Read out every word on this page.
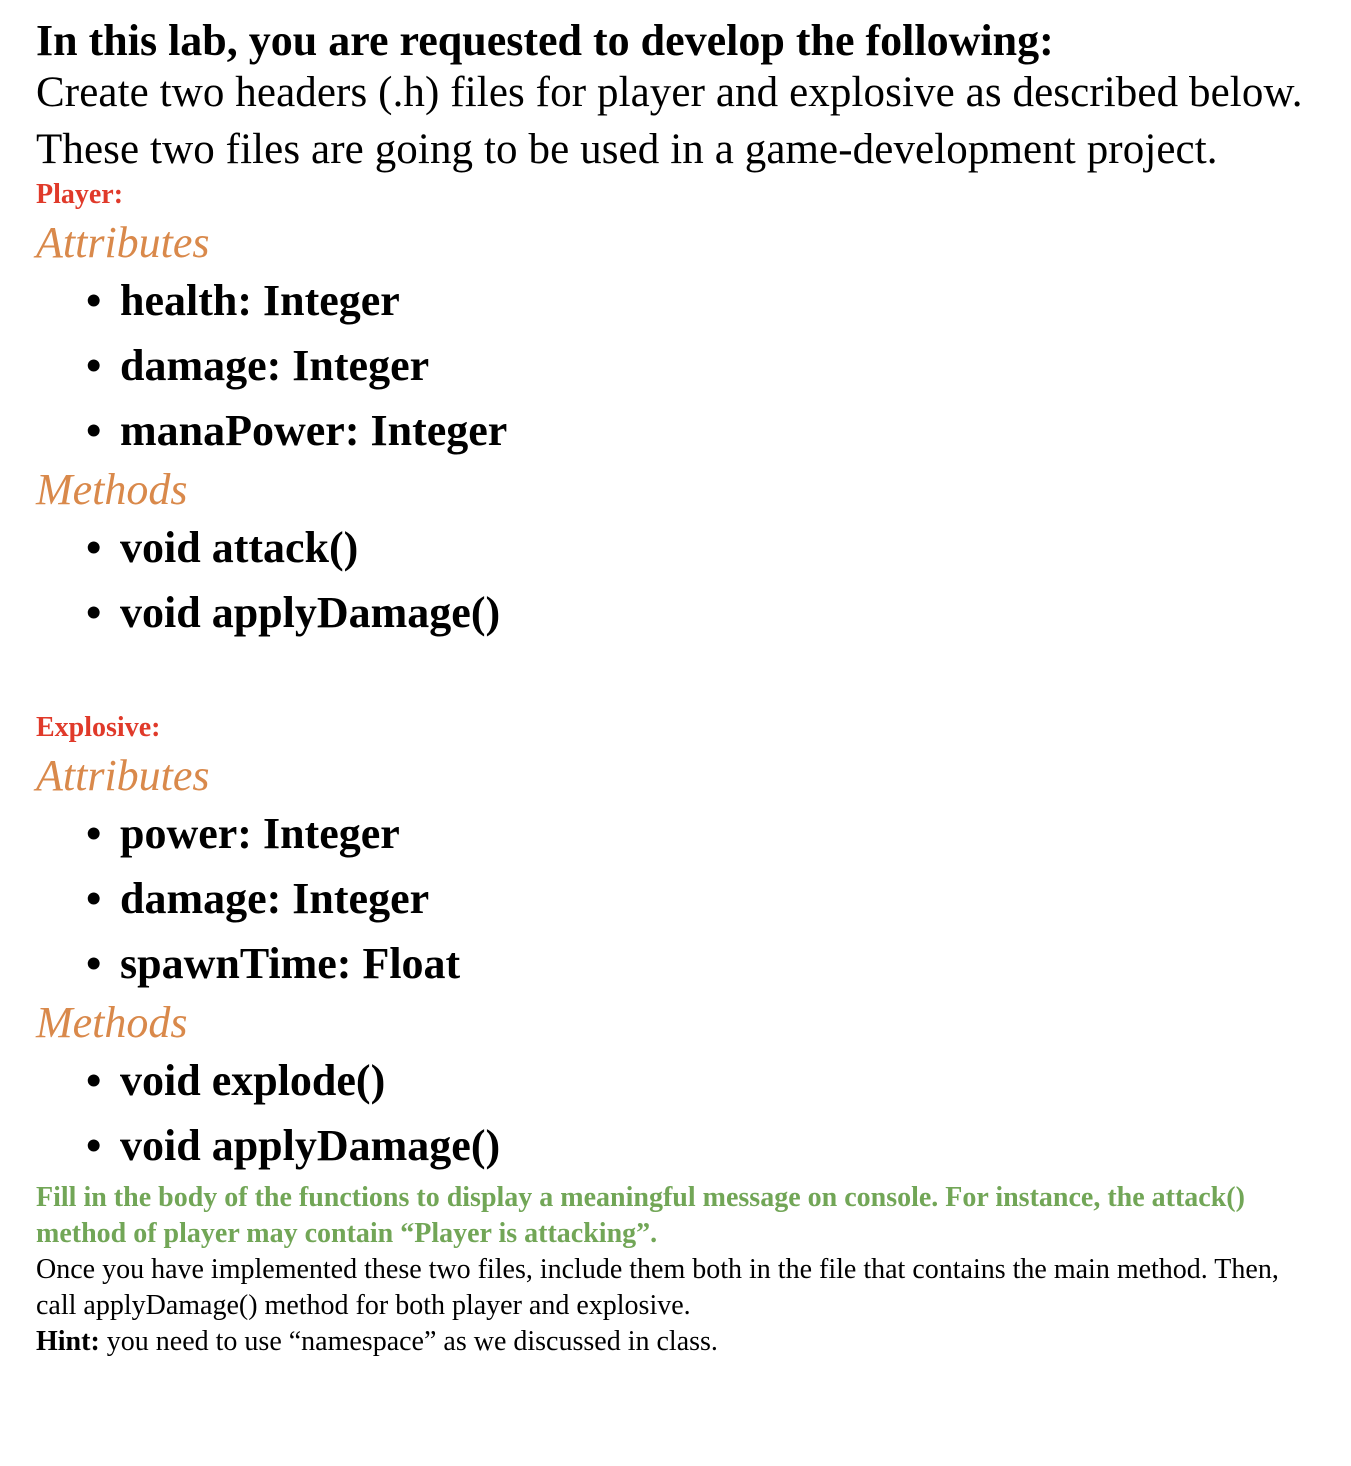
In this lab, you are requested to develop the following:

Create two headers (.h) files for player and explosive as described below. These two files are going to be used in a game-development project.

Player:

Attributes

• health: Integer
• damage: Integer
• manaPower: Integer

Methods

• void attack()
• void applyDamage()

Explosive:

Attributes

• power: Integer
• damage: Integer
• spawnTime: Float

Methods

• void explode()
• void applyDamage()

Fill in the body of the functions to display a meaningful message on console. For instance, the attack() method of player may contain “Player is attacking”.

Once you have implemented these two files, include them both in the file that contains the main method. Then, call applyDamage() method for both player and explosive.

Hint: you need to use “namespace” as we discussed in class.
